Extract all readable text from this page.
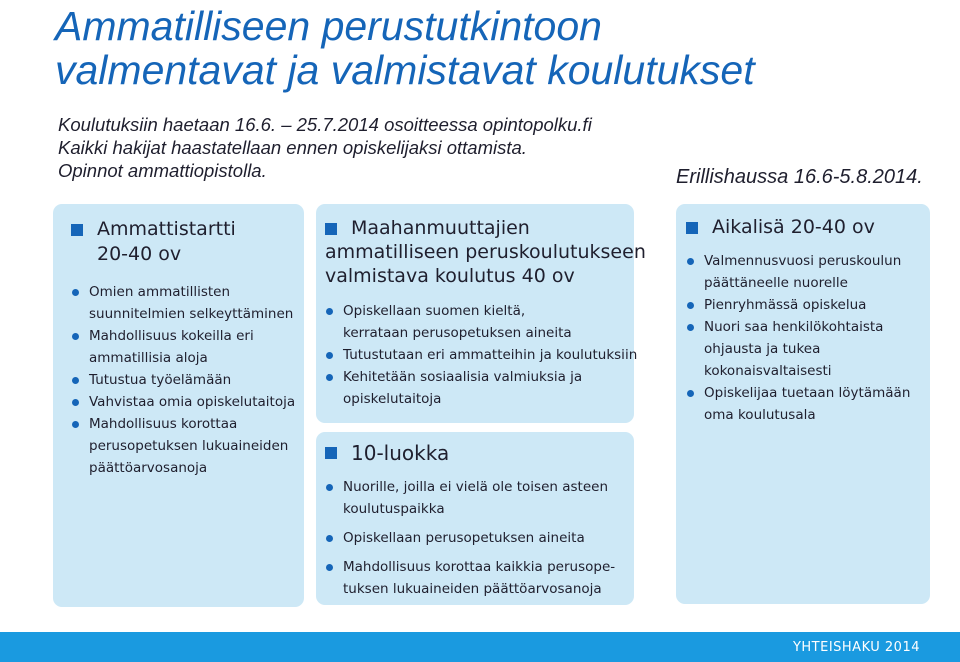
Ammatilliseen perustutkintoon
valmentavat ja valmistavat koulutukset
Koulutuksiin haetaan 16.6. – 25.7.2014 osoitteessa opintopolku.fi
Kaikki hakijat haastatellaan ennen opiskelijaksi ottamista.
Opinnot ammattiopistolla.	Erillishaussa 16.6-5.8.2014.
Ammattistartti
20-40 ov
Omien ammatillisten
suunnitelmien selkeyttäminen
Mahdollisuus kokeilla eri
ammatillisia aloja
Tutustua työelämään
Vahvistaa omia opiskelutaitoja
Mahdollisuus korottaa
perusopetuksen lukuaineiden
päättöarvosanoja
Maahanmuuttajien
ammatilliseen peruskoulutukseen
valmistava koulutus 40 ov
Opiskellaan suomen kieltä,
kerrataan perusopetuksen aineita
Tutustutaan eri ammatteihin ja koulutuksiin
Kehitetään sosiaalisia valmiuksia ja
opiskelutaitoja
10-luokka
Nuorille, joilla ei vielä ole toisen asteen
koulutuspaikka
Opiskellaan perusopetuksen aineita
Mahdollisuus korottaa kaikkia perusope-
tuksen lukuaineiden päättöarvosanoja
Aikalisä 20-40 ov
Valmennusvuosi peruskoulun
päättäneelle nuorelle
Pienryhmässä opiskelua
Nuori saa henkilökohtaista
ohjausta ja tukea
kokonaisvaltaisesti
Opiskelijaa tuetaan löytämään
oma koulutusala
YHTEISHAKU 2014
